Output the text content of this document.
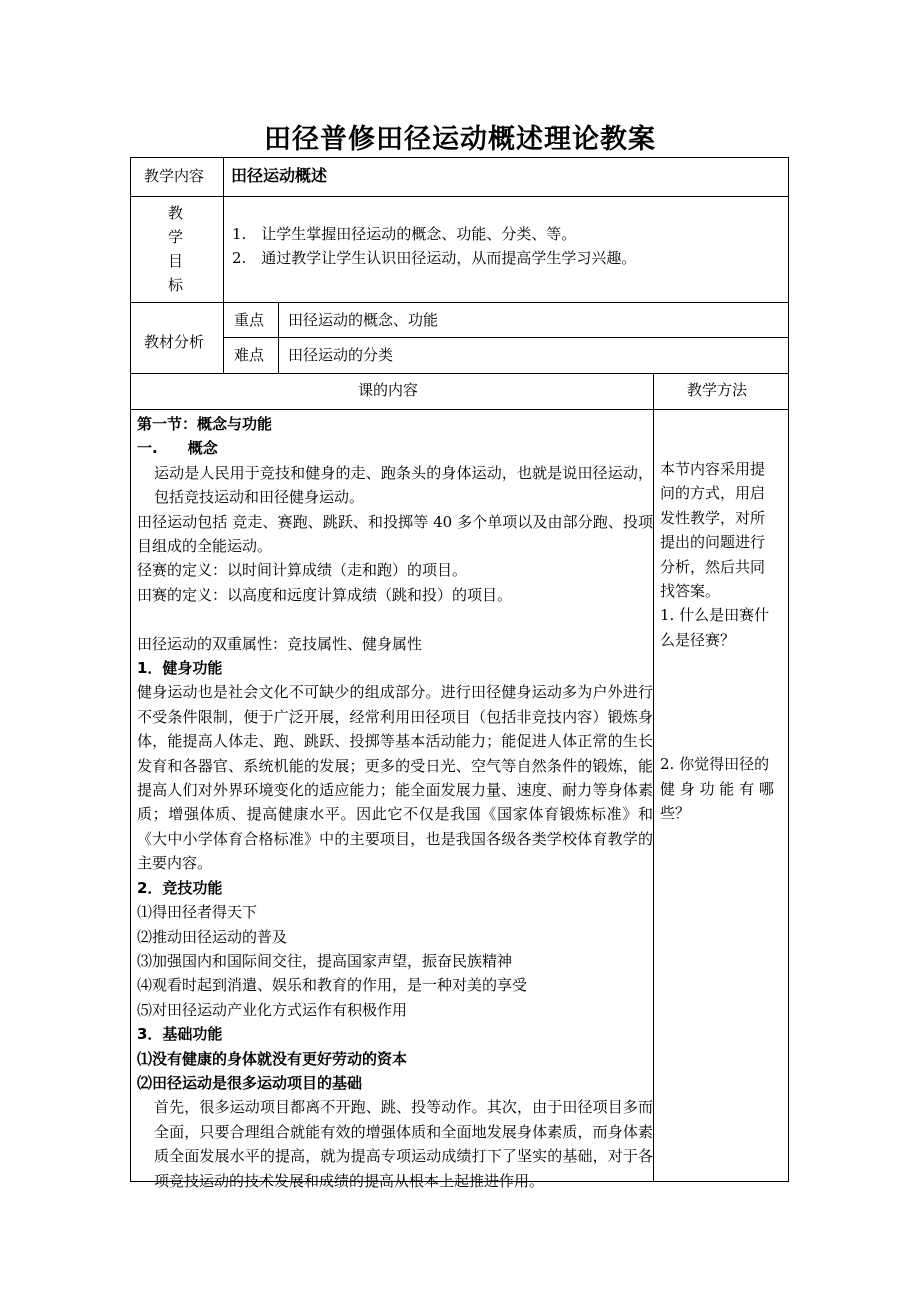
田径普修田径运动概述理论教案
教学内容 田径运动概述
教
学
目
标
1.　让学生掌握田径运动的概念、功能、分类、等。
2.　通过教学让学生认识田径运动，从而提高学生学习兴趣。
教材分析
重点 田径运动的概念、功能
难点 田径运动的分类
课的内容	教学方法
第一节：概念与功能
一.　　概念
运动是人民用于竞技和健身的走、跑条头的身体运动，也就是说田径运动，包括竞技运动和田径健身运动。
田径运动包括 竞走、赛跑、跳跃、和投掷等 40 多个单项以及由部分跑、投项目组成的全能运动。
径赛的定义：以时间计算成绩（走和跑）的项目。
田赛的定义：以高度和远度计算成绩（跳和投）的项目。
田径运动的双重属性：竞技属性、健身属性
1．健身功能
健身运动也是社会文化不可缺少的组成部分。进行田径健身运动多为户外进行不受条件限制，便于广泛开展，经常利用田径项目（包括非竞技内容）锻炼身体，能提高人体走、跑、跳跃、投掷等基本活动能力；能促进人体正常的生长发育和各器官、系统机能的发展；更多的受日光、空气等自然条件的锻炼，能提高人们对外界环境变化的适应能力；能全面发展力量、速度、耐力等身体素质；增强体质、提高健康水平。因此它不仅是我国《国家体育锻炼标准》和《大中小学体育合格标准》中的主要项目，也是我国各级各类学校体育教学的主要内容。
2．竞技功能
⑴得田径者得天下
⑵推动田径运动的普及
⑶加强国内和国际间交往，提高国家声望，振奋民族精神
⑷观看时起到消遣、娱乐和教育的作用，是一种对美的享受
⑸对田径运动产业化方式运作有积极作用
3．基础功能
⑴没有健康的身体就没有更好劳动的资本
⑵田径运动是很多运动项目的基础
首先，很多运动项目都离不开跑、跳、投等动作。其次，由于田径项目多而全面，只要合理组合就能有效的增强体质和全面地发展身体素质，而身体素质全面发展水平的提高，就为提高专项运动成绩打下了坚实的基础，对于各项竞技运动的技术发展和成绩的提高从根本上起推进作用。
本节内容采用提
问的方式，用启
发性教学，对所
提出的问题进行
分析，然后共同
找答案。
1. 什么是田赛什
么是径赛？
2. 你觉得田径的
健 身 功 能 有 哪
些？
